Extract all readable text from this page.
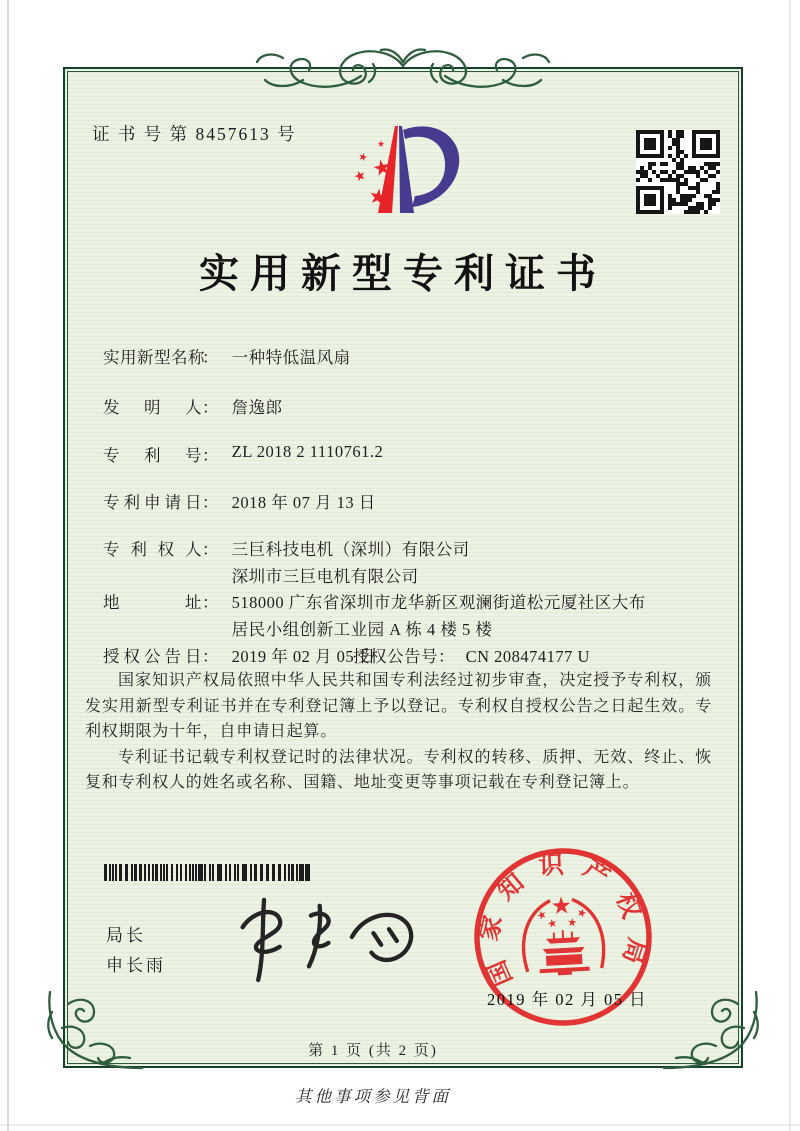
证 书 号 第 8457613 号
实用新型专利证书
实用新型名称： 一种特低温风扇
发明人： 詹逸郎
专利号： ZL 2018 2 1110761.2
专利申请日： 2018 年 07 月 13 日
专利权人： 三巨科技电机（深圳）有限公司
深圳市三巨电机有限公司
地址： 518000 广东省深圳市龙华新区观澜街道松元厦社区大布
居民小组创新工业园 A 栋 4 楼 5 楼
授权公告日： 2019 年 02 月 05 日
授权公告号： CN 208474177 U

国家知识产权局依照中华人民共和国专利法经过初步审查，决定授予专利权，颁发实用新型专利证书并在专利登记簿上予以登记。专利权自授权公告之日起生效。专利权期限为十年，自申请日起算。

专利证书记载专利权登记时的法律状况。专利权的转移、质押、无效、终止、恢复和专利权人的姓名或名称、国籍、地址变更等事项记载在专利登记簿上。

局长
申长雨	国家知识产权局
2019 年 02 月 05 日
第 1 页 (共 2 页)
其他事项参见背面
